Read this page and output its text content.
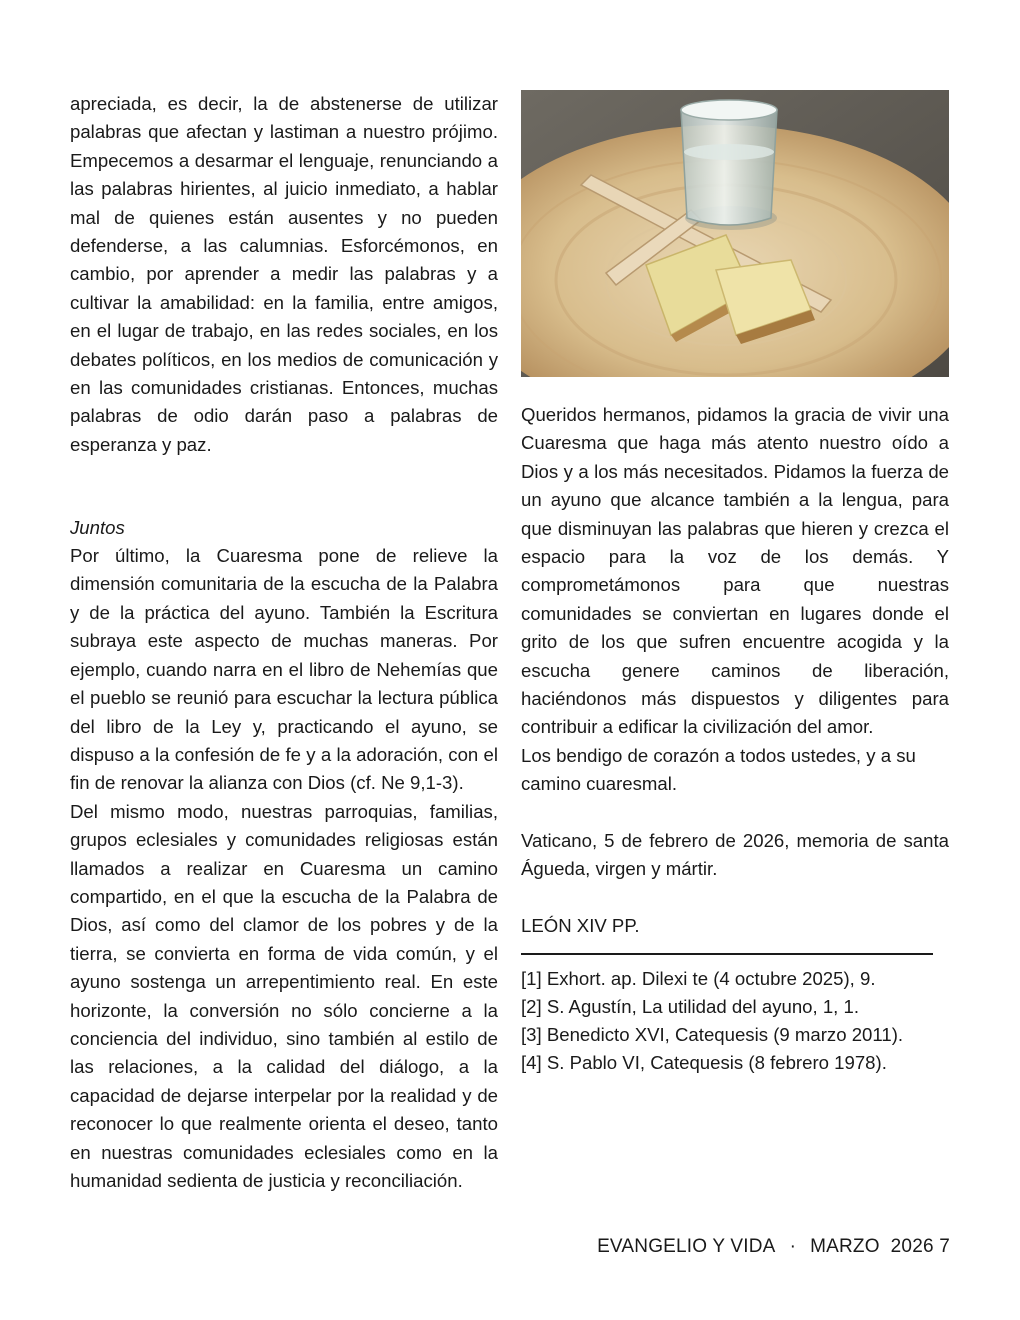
apreciada, es decir, la de abstenerse de utilizar palabras que afectan y lastiman a nuestro prójimo. Empecemos a desarmar el lenguaje, renunciando a las palabras hirientes, al juicio inmediato, a hablar mal de quienes están ausentes y no pueden defenderse, a las calumnias. Esforcémonos, en cambio, por aprender a medir las palabras y a cultivar la amabilidad: en la familia, entre amigos, en el lugar de trabajo, en las redes sociales, en los debates políticos, en los medios de comunicación y en las comunidades cristianas. Entonces, muchas palabras de odio darán paso a palabras de esperanza y paz.

Juntos

Por último, la Cuaresma pone de relieve la dimensión comunitaria de la escucha de la Palabra y de la práctica del ayuno. También la Escritura subraya este aspecto de muchas maneras. Por ejemplo, cuando narra en el libro de Nehemías que el pueblo se reunió para escuchar la lectura pública del libro de la Ley y, practicando el ayuno, se dispuso a la confesión de fe y a la adoración, con el fin de renovar la alianza con Dios (cf. Ne 9,1-3).

Del mismo modo, nuestras parroquias, familias, grupos eclesiales y comunidades religiosas están llamados a realizar en Cuaresma un camino compartido, en el que la escucha de la Palabra de Dios, así como del clamor de los pobres y de la tierra, se convierta en forma de vida común, y el ayuno sostenga un arrepentimiento real. En este horizonte, la conversión no sólo concierne a la conciencia del individuo, sino también al estilo de las relaciones, a la calidad del diálogo, a la capacidad de dejarse interpelar por la realidad y de reconocer lo que realmente orienta el deseo, tanto en nuestras comunidades eclesiales como en la humanidad sedienta de justicia y reconciliación.

Queridos hermanos, pidamos la gracia de vivir una Cuaresma que haga más atento nuestro oído a Dios y a los más necesitados. Pidamos la fuerza de un ayuno que alcance también a la lengua, para que disminuyan las palabras que hieren y crezca el espacio para la voz de los demás. Y comprometámonos para que nuestras comunidades se conviertan en lugares donde el grito de los que sufren encuentre acogida y la escucha genere caminos de liberación, haciéndonos más dispuestos y diligentes para contribuir a edificar la civilización del amor.

Los bendigo de corazón a todos ustedes, y a su camino cuaresmal.

Vaticano, 5 de febrero de 2026, memoria de santa Águeda, virgen y mártir.

LEÓN XIV PP.

[1] Exhort. ap. Dilexi te (4 octubre 2025), 9.

[2] S. Agustín, La utilidad del ayuno, 1, 1.

[3] Benedicto XVI, Catequesis (9 marzo 2011).

[4] S. Pablo VI, Catequesis (8 febrero 1978).

EVANGELIO Y VIDA · MARZO  2026 7
